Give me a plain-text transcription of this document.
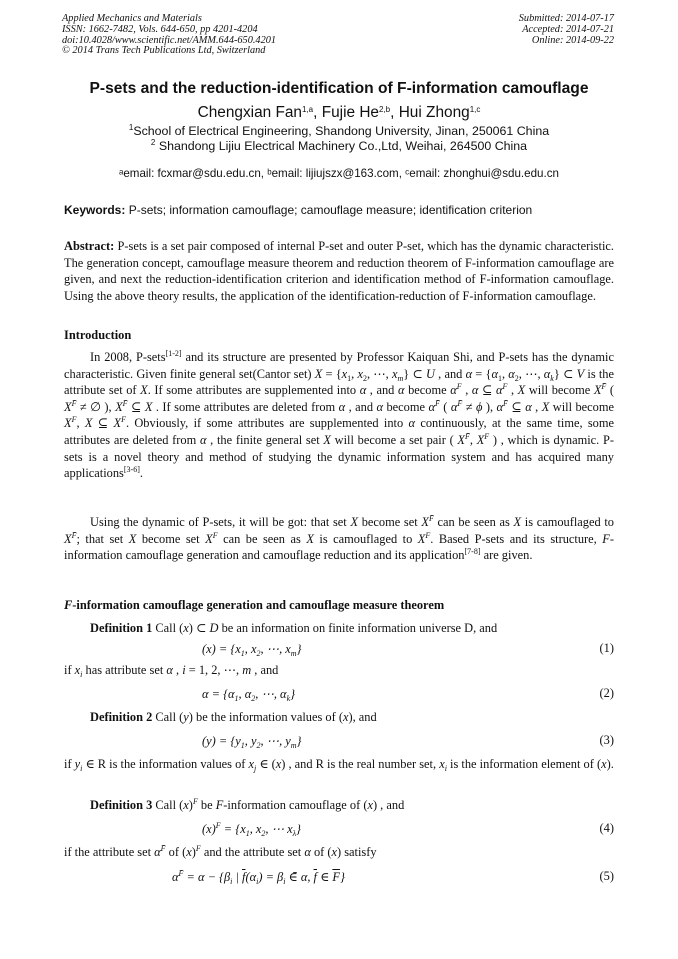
Applied Mechanics and Materials
ISSN: 1662-7482, Vols. 644-650, pp 4201-4204
doi:10.4028/www.scientific.net/AMM.644-650.4201
© 2014 Trans Tech Publications Ltd, Switzerland
Submitted: 2014-07-17
Accepted: 2014-07-21
Online: 2014-09-22
P-sets and the reduction-identification of F-information camouflage
Chengxian Fan$^{1,a}$, Fujie He$^{2,b}$, Hui Zhong$^{1,c}$
$^1$School of Electrical Engineering, Shandong University, Jinan, 250061 China
$^2$ Shandong Lijiu Electrical Machinery Co.,Ltd, Weihai, 264500 China
ᵃemail: fcxmar@sdu.edu.cn, ᵇemail: lijiujszx@163.com, ᶜemail: zhonghui@sdu.edu.cn
Keywords: P-sets; information camouflage; camouflage measure; identification criterion
Abstract: P-sets is a set pair composed of internal P-set and outer P-set, which has the dynamic characteristic. The generation concept, camouflage measure theorem and reduction theorem of F-information camouflage are given, and next the reduction-identification criterion and identification method of F-information camouflage. Using the above theory results, the application of the identification-reduction of F-information camouflage.
Introduction
In 2008, P-sets[1-2] and its structure are presented by Professor Kaiquan Shi, and P-sets has the dynamic characteristic. Given finite general set(Cantor set) $X = \{x_1$, $x_2$, ⋯, $x_m$} ⊂ U , and $\alpha = \{\alpha_1$, $\alpha_2$, ⋯, $\alpha_k$} ⊂ V is the attribute set of X. If some attributes are supplemented into α , and α become $\alpha^F$ , α ⊆ $\alpha^F$ , X will become $X^{F̄}$ ( $X^{F̄}$ ≠ ∅ ), $X^{F̄}$ ⊆ X . If some attributes are deleted from α , and α become $\alpha^{F̄}$ ( $\alpha^{F̄} \ne \phi$ ), $\alpha^{F̄}$ ⊆ α , X will become $X^F$, X ⊆ $X^F$. Obviously, if some attributes are supplemented into α continuously, at the same time, some attributes are deleted from α , the finite general set X will become a set pair ( $X^{F̄}$, $X^F$ ) , which is dynamic. P-sets is a novel theory and method of studying the dynamic information system and has acquired many applications[3-6].
Using the dynamic of P-sets, it will be got: that set X become set $X^{F̄}$ can be seen as X is camouflaged to $X^{F̄}$; that set X become set $X^F$ can be seen as X is camouflaged to $X^F$. Based P-sets and its structure, F-information camouflage generation and camouflage reduction and its application[7-8] are given.
F-information camouflage generation and camouflage measure theorem
Definition 1 Call (x) ⊂ D be an information on finite information universe D, and
$(x) = \{x_1$, $x_2$, ⋯, $x_m$}	(1)
if $x_i$ has attribute set α , i = 1, 2, ⋯, m , and
$\alpha = \{\alpha_1$, $\alpha_2$, ⋯, $\alpha_k$}	(2)
Definition 2 Call (y) be the information values of (x), and
$(y) = \{y_1$, $y_2$, ⋯, $y_m$}	(3)
if $y_i$ ∈ R is the information values of $x_j$ ∈ (x) , and R is the real number set, $x_i$ is the information element of (x).
Definition 3 Call $(x)^F$ be F-information camouflage of (x) , and
$(x)^F = \{x_1$, $x_2$, ⋯ $x_\lambda$}	(4)
if the attribute set $\alpha^{F̄}$ of $(x)^F$ and the attribute set α of (x) satisfy
$\alpha^{F̄} = \alpha - \{\beta_i$ | $\overline{f}(\alpha_i) = \beta_i$ ∈̄ α, $\overline{f}$ ∈ $\overline{F}$}	(5)
